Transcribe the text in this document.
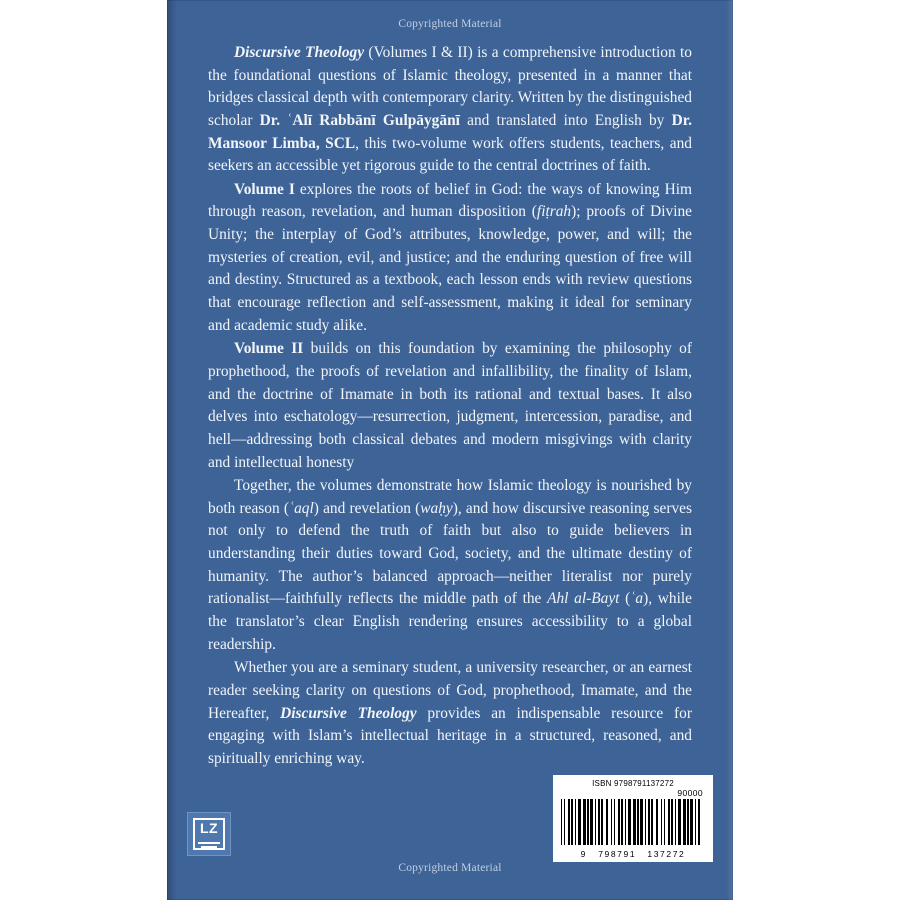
Copyrighted Material

Discursive Theology (Volumes I & II) is a comprehensive introduction to the foundational questions of Islamic theology, presented in a manner that bridges classical depth with contemporary clarity. Written by the distinguished scholar Dr. ʿAlī Rabbānī Gulpāygānī and translated into English by Dr. Mansoor Limba, SCL, this two-volume work offers students, teachers, and seekers an accessible yet rigorous guide to the central doctrines of faith.

Volume I explores the roots of belief in God: the ways of knowing Him through reason, revelation, and human disposition (fiṭrah); proofs of Divine Unity; the interplay of God’s attributes, knowledge, power, and will; the mysteries of creation, evil, and justice; and the enduring question of free will and destiny. Structured as a textbook, each lesson ends with review questions that encourage reflection and self-assessment, making it ideal for seminary and academic study alike.

Volume II builds on this foundation by examining the philosophy of prophethood, the proofs of revelation and infallibility, the finality of Islam, and the doctrine of Imamate in both its rational and textual bases. It also delves into eschatology—resurrection, judgment, intercession, paradise, and hell—addressing both classical debates and modern misgivings with clarity and intellectual honesty

Together, the volumes demonstrate how Islamic theology is nourished by both reason (ʿaql) and revelation (waḥy), and how discursive reasoning serves not only to defend the truth of faith but also to guide believers in understanding their duties toward God, society, and the ultimate destiny of humanity. The author’s balanced approach—neither literalist nor purely rationalist—faithfully reflects the middle path of the Ahl al-Bayt (ʿa), while the translator’s clear English rendering ensures accessibility to a global readership.

Whether you are a seminary student, a university researcher, or an earnest reader seeking clarity on questions of God, prophethood, Imamate, and the Hereafter, Discursive Theology provides an indispensable resource for engaging with Islam’s intellectual heritage in a structured, reasoned, and spiritually enriching way.

LZ
ISBN 9798791137272
90000
9   798791   137272
Copyrighted Material
